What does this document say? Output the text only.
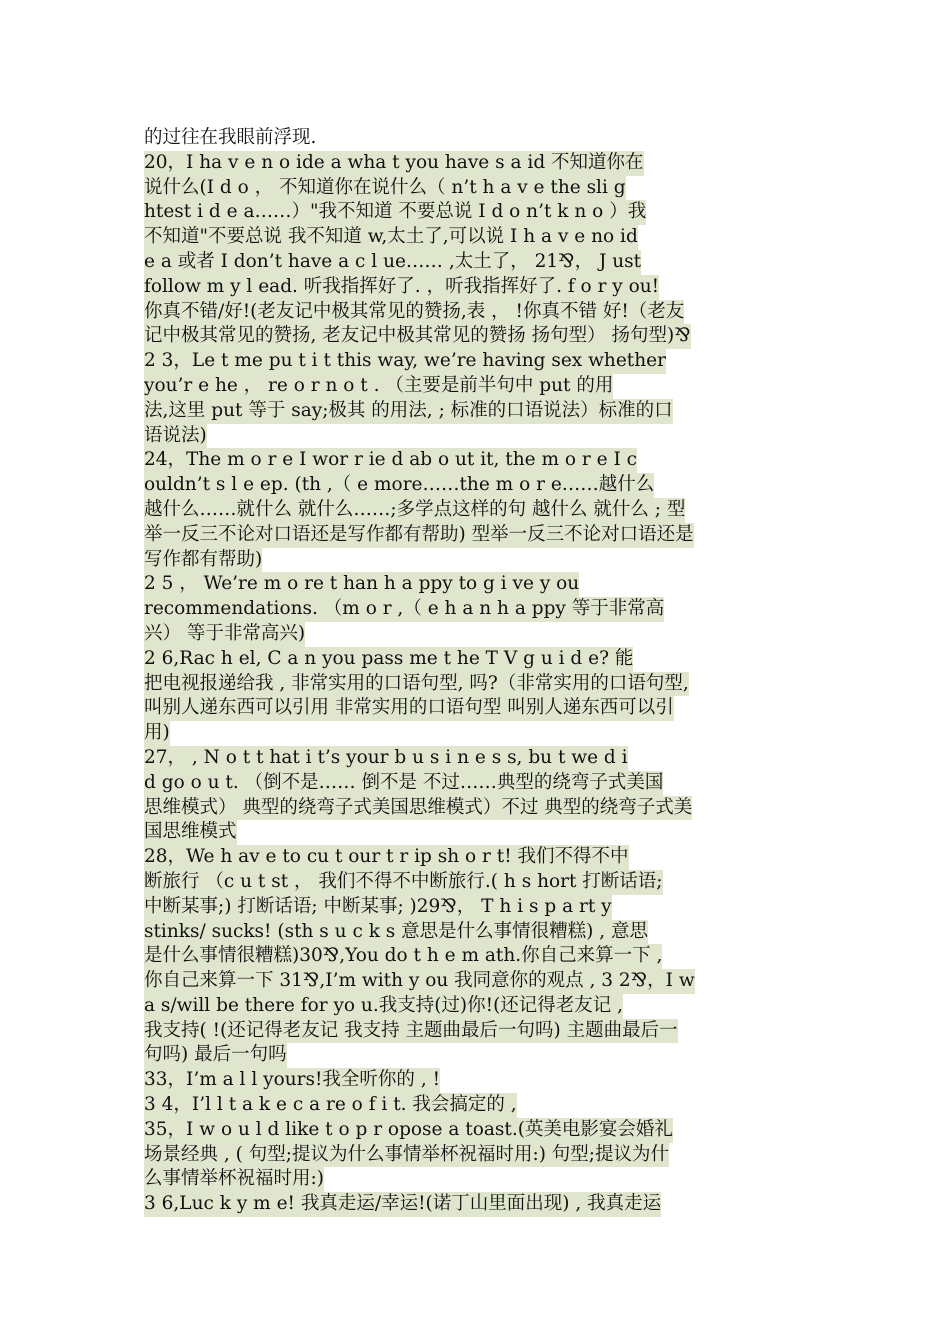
的过往在我眼前浮现.
20，I ha v e n o ide a wha t you have s a id 不知道你在
说什么(I d o ， 不知道你在说什么（ n’t h a v e the sli g
htest i d e a……）"我不知道 不要总说 I d o n’t k n o ）我
不知道"不要总说 我不知道 w,太土了,可以说 I h a v e no id
e a 或者 I don’t have a c l ue…… ,太土了， 21⅋， J ust
follow m y l ead. 听我指挥好了. ，听我指挥好了. f o r y ou!
你真不错/好!(老友记中极其常见的赞扬,表 ， !你真不错 好!（老友
记中极其常见的赞扬, 老友记中极其常见的赞扬 扬句型） 扬句型)⅋
2 3，Le t me pu t i t this way, we’re having sex whether
you’r e he ， re o r n o t . （主要是前半句中 put 的用
法,这里 put 等于 say;极其 的用法, ; 标准的口语说法）标准的口
语说法)
24，The m o r e I wor r ie d ab o ut it, the m o r e I c
ouldn’t s l e ep. (th ,（ e more……the m o r e……越什么
越什么……就什么 就什么……;多学点这样的句 越什么 就什么 ; 型
举一反三不论对口语还是写作都有帮助) 型举一反三不论对口语还是
写作都有帮助)
2 5 ， We’re m o re t han h a ppy to g i ve y ou
recommendations. （m o r ,（ e h a n h a ppy 等于非常高
兴） 等于非常高兴)
2 6,Rac h el, C a n you pass me t he T V g u i d e? 能
把电视报递给我 , 非常实用的口语句型, 吗?（非常实用的口语句型,
叫别人递东西可以引用 非常实用的口语句型 叫别人递东西可以引
用)
27， , N o t t hat i t’s your b u s i n e s s, bu t we d i
d go o u t. （倒不是…… 倒不是 不过……典型的绕弯子式美国
思维模式） 典型的绕弯子式美国思维模式）不过 典型的绕弯子式美
国思维模式
28，We h av e to cu t our t r ip sh o r t! 我们不得不中
断旅行 （c u t st ， 我们不得不中断旅行.( h s hort 打断话语;
中断某事;) 打断话语; 中断某事; )29⅋， T h i s p a rt y
stinks/ sucks! (sth s u c k s 意思是什么事情很糟糕) , 意思
是什么事情很糟糕)30⅋,You do t h e m ath.你自己来算一下 ,
你自己来算一下 31⅋,I’m with y ou 我同意你的观点 , 3 2⅋，I w
a s/will be there for yo u.我支持(过)你!(还记得老友记 ,
我支持( !(还记得老友记 我支持 主题曲最后一句吗) 主题曲最后一
句吗) 最后一句吗
33，I’m a l l yours!我全听你的 , !
3 4，I’l l t a k e c a re o f i t. 我会搞定的 ,
35，I w o u l d like t o p r opose a toast.(英美电影宴会婚礼
场景经典 , ( 句型;提议为什么事情举杯祝福时用:) 句型;提议为什
么事情举杯祝福时用:)
3 6,Luc k y m e! 我真走运/幸运!(诺丁山里面出现) , 我真走运
